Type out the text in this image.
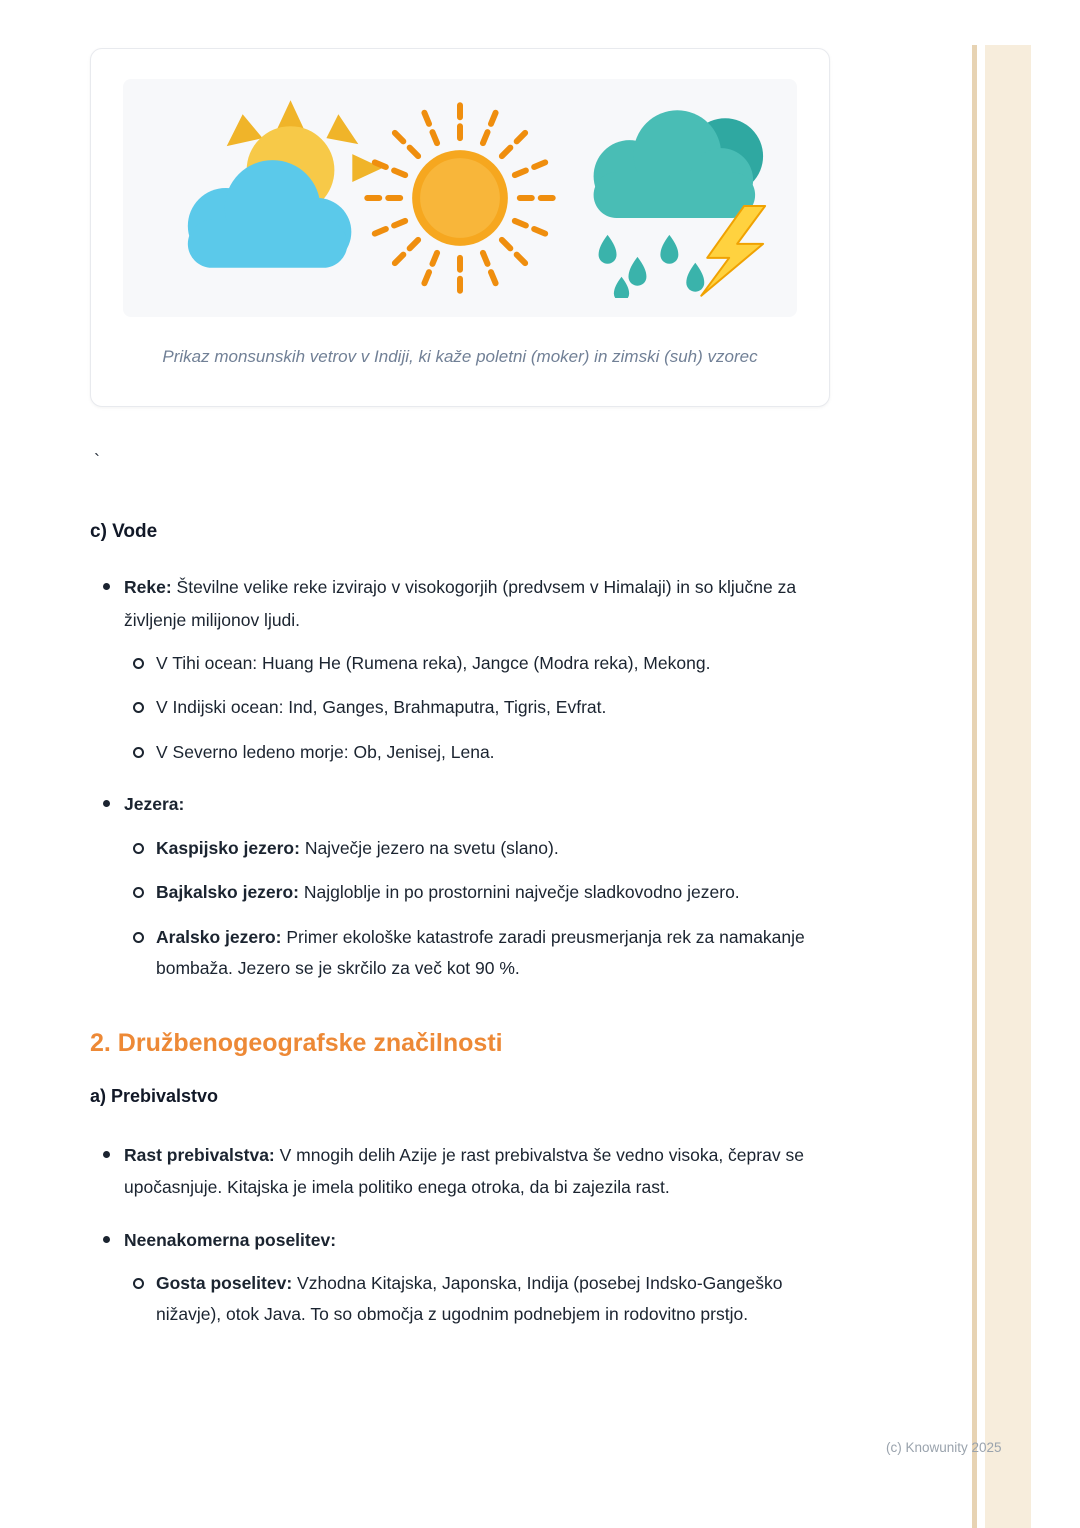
Prikaz monsunskih vetrov v Indiji, ki kaže poletni (moker) in zimski (suh) vzorec
`
c) Vode
Reke: Številne velike reke izvirajo v visokogorjih (predvsem v Himalaji) in so ključne za življenje milijonov ljudi.
V Tihi ocean: Huang He (Rumena reka), Jangce (Modra reka), Mekong.
V Indijski ocean: Ind, Ganges, Brahmaputra, Tigris, Evfrat.
V Severno ledeno morje: Ob, Jenisej, Lena.
Jezera:
Kaspijsko jezero: Največje jezero na svetu (slano).
Bajkalsko jezero: Najgloblje in po prostornini največje sladkovodno jezero.
Aralsko jezero: Primer ekološke katastrofe zaradi preusmerjanja rek za namakanje bombaža. Jezero se je skrčilo za več kot 90 %.
2. Družbenogeografske značilnosti
a) Prebivalstvo
Rast prebivalstva: V mnogih delih Azije je rast prebivalstva še vedno visoka, čeprav se upočasnjuje. Kitajska je imela politiko enega otroka, da bi zajezila rast.
Neenakomerna poselitev:
Gosta poselitev: Vzhodna Kitajska, Japonska, Indija (posebej Indsko-Gangeško nižavje), otok Java. To so območja z ugodnim podnebjem in rodovitno prstjo.
(c) Knowunity 2025
